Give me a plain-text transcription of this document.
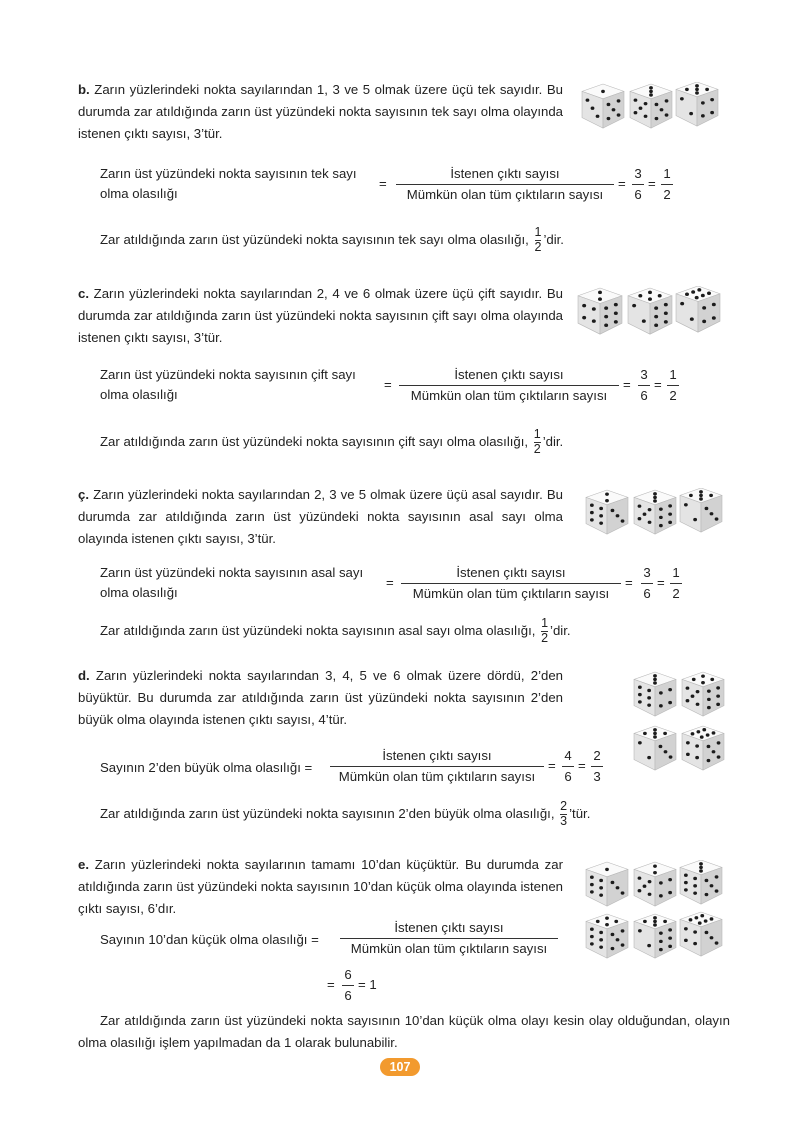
b. Zarın yüzlerindeki nokta sayılarından 1, 3 ve 5 olmak üzere üçü tek sayıdır. Bu durumda zar atıldığında zarın üst yüzündeki nokta sayısının tek sayı olma olayında istenen çıktı sayısı, 3’tür.
Zarın üst yüzündeki nokta sayısının tek sayı
olma olasılığı
=
İstenen çıktı sayısı
Mümkün olan tüm çıktıların sayısı
=
3
6
=
1
2
Zar atıldığında zarın üst yüzündeki nokta sayısının tek sayı olma olasılığı, $\frac{1}{2}$ ’dir.
c. Zarın yüzlerindeki nokta sayılarından 2, 4 ve 6 olmak üzere üçü çift sayıdır. Bu durumda zar atıldığında zarın üst yüzündeki nokta sayısının çift sayı olma olayında istenen çıktı sayısı, 3’tür.
Zarın üst yüzündeki nokta sayısının çift sayı
olma olasılığı
=
İstenen çıktı sayısı
Mümkün olan tüm çıktıların sayısı
=
3
6
=
1
2
Zar atıldığında zarın üst yüzündeki nokta sayısının çift sayı olma olasılığı, $\frac{1}{2}$ ’dir.
ç. Zarın yüzlerindeki nokta sayılarından 2, 3 ve 5 olmak üzere üçü asal sayıdır. Bu durumda zar atıldığında zarın üst yüzündeki nokta sayısının asal sayı olma olayında istenen çıktı sayısı, 3’tür.
Zarın üst yüzündeki nokta sayısının asal sayı
olma olasılığı
=
İstenen çıktı sayısı
Mümkün olan tüm çıktıların sayısı
=
3
6
=
1
2
Zar atıldığında zarın üst yüzündeki nokta sayısının asal sayı olma olasılığı, $\frac{1}{2}$ ’dir.
d. Zarın yüzlerindeki nokta sayılarından 3, 4, 5 ve 6 olmak üzere dördü, 2’den büyüktür. Bu durumda zar atıldığında zarın üst yüzündeki nokta sayısının 2’den büyük olma olayında istenen çıktı sayısı, 4’tür.
Sayının 2’den büyük olma olasılığı =
İstenen çıktı sayısı
Mümkün olan tüm çıktıların sayısı
=
4
6
=
2
3
Zar atıldığında zarın üst yüzündeki nokta sayısının 2’den büyük olma olasılığı, $\frac{2}{3}$ ’tür.
e. Zarın yüzlerindeki nokta sayılarının tamamı 10’dan küçüktür. Bu durumda zar atıldığında zarın üst yüzündeki nokta sayısının 10’dan küçük olma olayında istenen çıktı sayısı, 6’dır.
Sayının 10’dan küçük olma olasılığı =
İstenen çıktı sayısı
Mümkün olan tüm çıktıların sayısı
=
6
6
= 1
Zar atıldığında zarın üst yüzündeki nokta sayısının 10’dan küçük olma olayı kesin olay olduğundan, olayın olma olasılığı işlem yapılmadan da 1 olarak bulunabilir.
107
